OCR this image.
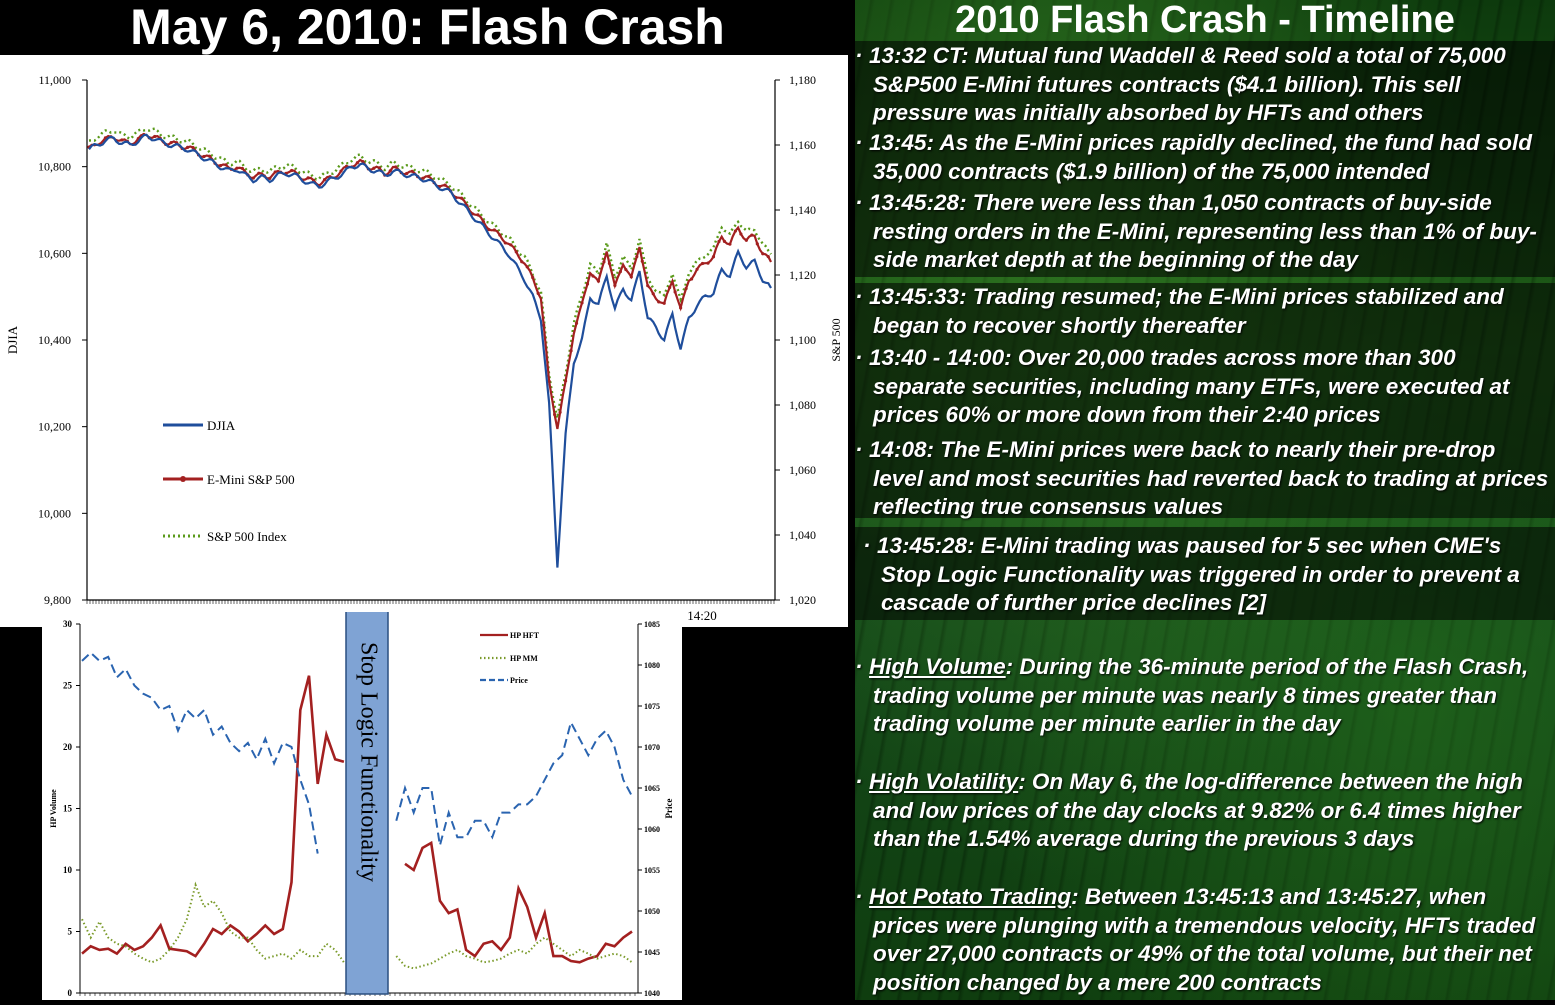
May 6, 2010: Flash Crash
9,800
10,000
10,200
10,400
10,600
10,800
11,000
1,020
1,040
1,060
1,080
1,100
1,120
1,140
1,160
1,180
14:20
DJIA	S&P 500
DJIA
E-Mini S&P 500
S&P 500 Index
0
5
10
15
20
25
30
1040
1045
1050
1055
1060
1065
1070
1075
1080
1085
HP Volume	Price
HP HFT
HP MM
Price
Stop Logic Functionality
2010 Flash Crash - Timeline
· 13:32 CT: Mutual fund Waddell & Reed sold a total of 75,000 S&P500 E-Mini futures contracts ($4.1 billion). This sell pressure was initially absorbed by HFTs and others
· 13:45: As the E-Mini prices rapidly declined, the fund had sold 35,000 contracts ($1.9 billion) of the 75,000 intended
· 13:45:28: There were less than 1,050 contracts of buy-side resting orders in the E-Mini, representing less than 1% of buy-side market depth at the beginning of the day
· 13:45:33: Trading resumed; the E-Mini prices stabilized and began to recover shortly thereafter
· 13:40 - 14:00: Over 20,000 trades across more than 300 separate securities, including many ETFs, were executed at prices 60% or more down from their 2:40 prices
· 14:08: The E-Mini prices were back to nearly their pre-drop level and most securities had reverted back to trading at prices reflecting true consensus values
· 13:45:28: E-Mini trading was paused for 5 sec when CME's Stop Logic Functionality was triggered in order to prevent a cascade of further price declines [2]
· High Volume: During the 36-minute period of the Flash Crash, trading volume per minute was nearly 8 times greater than trading volume per minute earlier in the day
· High Volatility: On May 6, the log-difference between the high and low prices of the day clocks at 9.82% or 6.4 times higher than the 1.54% average during the previous 3 days
· Hot Potato Trading: Between 13:45:13 and 13:45:27, when prices were plunging with a tremendous velocity, HFTs traded over 27,000 contracts or 49% of the total volume, but their net position changed by a mere 200 contracts
